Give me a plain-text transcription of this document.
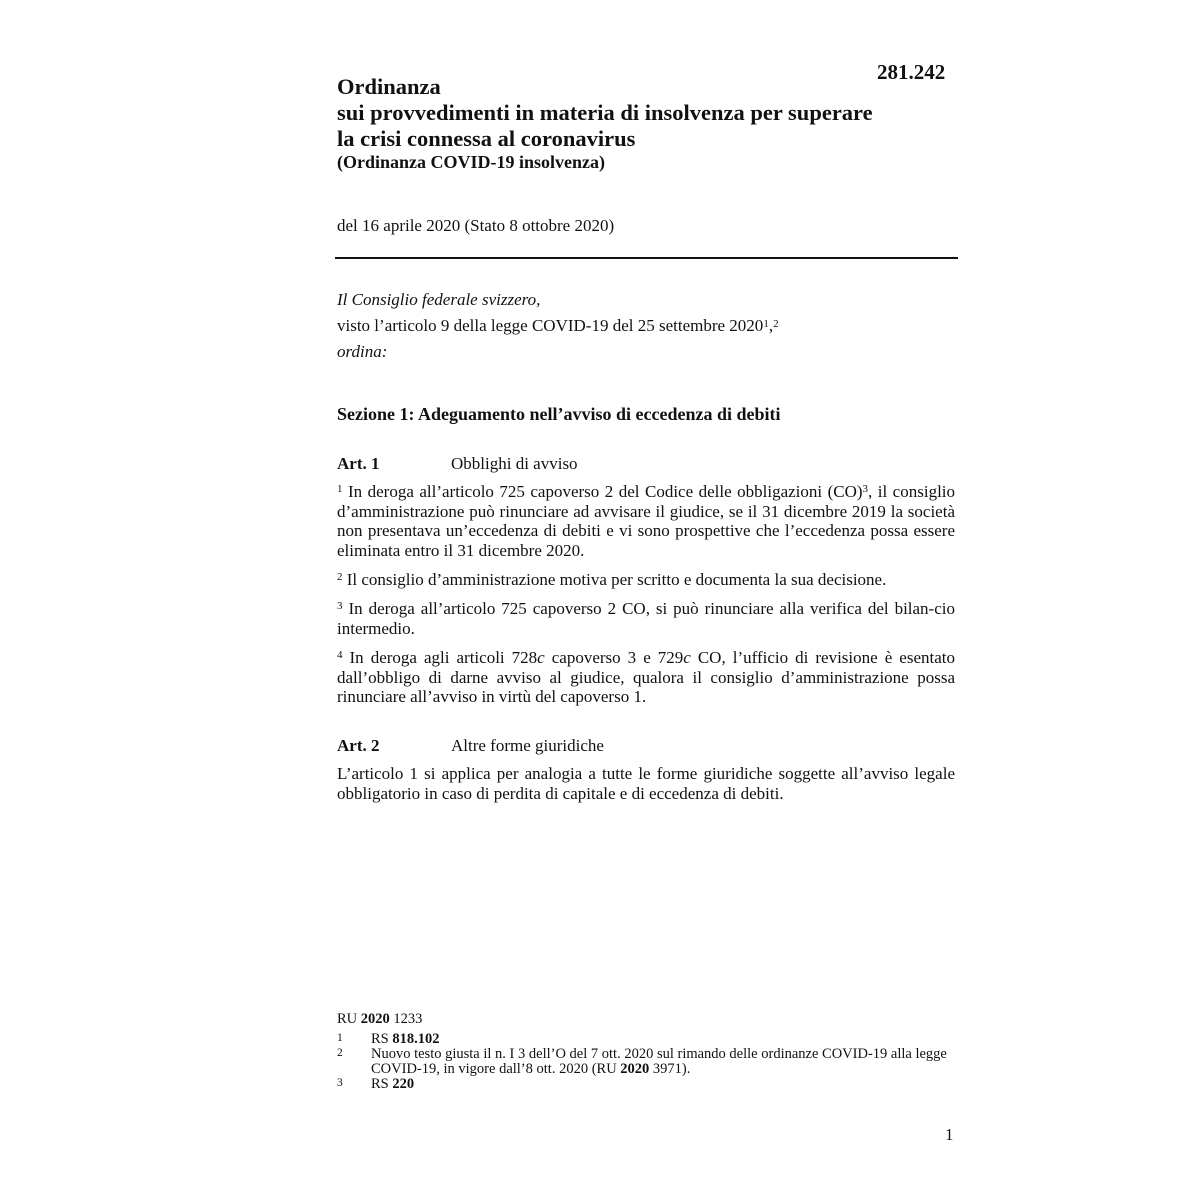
281.242
Ordinanza
sui provvedimenti in materia di insolvenza per superare
la crisi connessa al coronavirus
(Ordinanza COVID-19 insolvenza)
del 16 aprile 2020 (Stato 8 ottobre 2020)
Il Consiglio federale svizzero,
visto l’articolo 9 della legge COVID-19 del 25 settembre 2020$^1$,$^2$
ordina:
Sezione 1: Adeguamento nell’avviso di eccedenza di debiti
Art. 1	Obblighi di avviso
$^1$ In deroga all’articolo 725 capoverso 2 del Codice delle obbligazioni (CO)$^3$, il consiglio d’amministrazione può rinunciare ad avvisare il giudice, se il 31 dicembre 2019 la società non presentava un’eccedenza di debiti e vi sono prospettive che l’eccedenza possa essere eliminata entro il 31 dicembre 2020.
$^2$ Il consiglio d’amministrazione motiva per scritto e documenta la sua decisione.
$^3$ In deroga all’articolo 725 capoverso 2 CO, si può rinunciare alla verifica del bilan-cio intermedio.
$^4$ In deroga agli articoli 728c capoverso 3 e 729c CO, l’ufficio di revisione è esentato dall’obbligo di darne avviso al giudice, qualora il consiglio d’amministrazione possa rinunciare all’avviso in virtù del capoverso 1.
Art. 2	Altre forme giuridiche
L’articolo 1 si applica per analogia a tutte le forme giuridiche soggette all’avviso legale obbligatorio in caso di perdita di capitale e di eccedenza di debiti.
RU 2020 1233
1 RS 818.102
2 Nuovo testo giusta il n. I 3 dell’O del 7 ott. 2020 sul rimando delle ordinanze COVID-19 alla legge COVID-19, in vigore dall’8 ott. 2020 (RU 2020 3971).
3 RS 220
1
